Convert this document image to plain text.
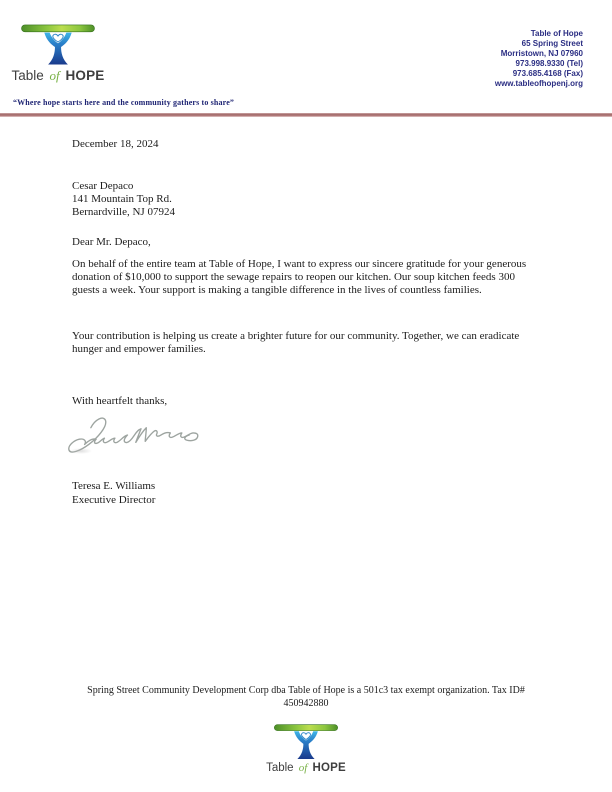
Table of HOPE
Table of Hope
65 Spring Street
Morristown, NJ 07960
973.998.9330 (Tel)
973.685.4168 (Fax)
www.tableofhopenj.org
“Where hope starts here and the community gathers to share”
December 18, 2024
Cesar Depaco
141 Mountain Top Rd.
Bernardville, NJ 07924
Dear Mr. Depaco,

On behalf of the entire team at Table of Hope, I want to express our sincere gratitude for your generous donation of $10,000 to support the sewage repairs to reopen our kitchen. Our soup kitchen feeds 300 guests a week. Your support is making a tangible difference in the lives of countless families.

Your contribution is helping us create a brighter future for our community. Together, we can eradicate hunger and empower families.

With heartfelt thanks,
Teresa E. Williams
Executive Director
Spring Street Community Development Corp dba Table of Hope is a 501c3 tax exempt organization. Tax ID#
450942880
Table of HOPE
